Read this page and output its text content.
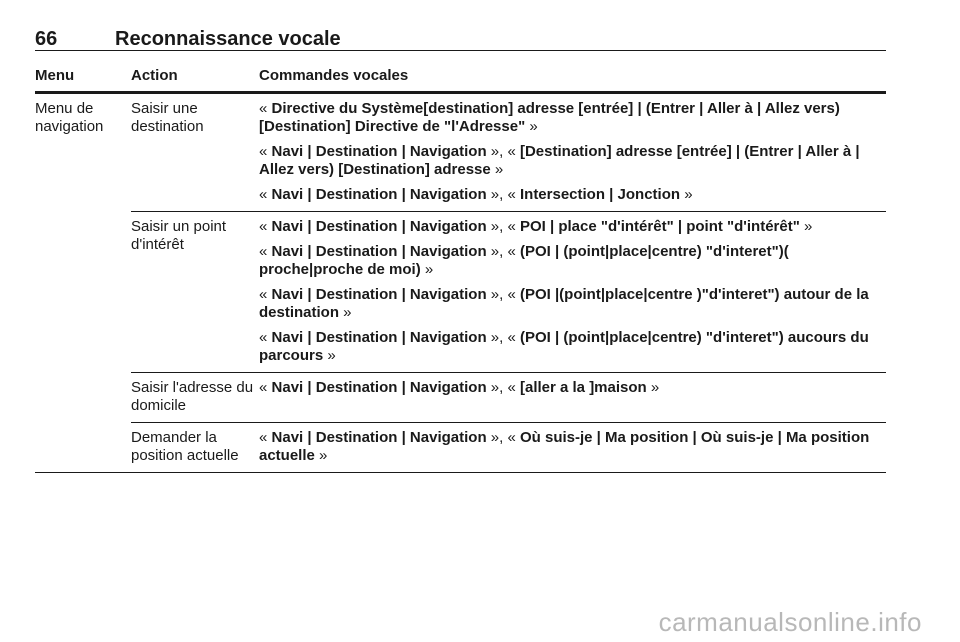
66	Reconnaissance vocale
Menu	Action	Commandes vocales
Menu de navigation	Saisir une destination	« Directive du Système[destination] adresse [entrée] | (Entrer | Aller à | Allez vers) [Destination] Directive de "l'Adresse" »
« Navi | Destination | Navigation », « [Destination] adresse [entrée] | (Entrer | Aller à | Allez vers) [Destination] adresse »
« Navi | Destination | Navigation », « Intersection | Jonction »

	Saisir un point d'intérêt	« Navi | Destination | Navigation », « POI | place "d'intérêt" | point "d'intérêt" »
« Navi | Destination | Navigation », « (POI | (point|place|centre) "d'interet")( proche|proche de moi) »
« Navi | Destination | Navigation », « (POI |(point|place|centre )"d'interet") autour de la destination »
« Navi | Destination | Navigation », « (POI | (point|place|centre) "d'interet") aucours du parcours »

	Saisir l'adresse du domicile	« Navi | Destination | Navigation », « [aller a la ]maison »

	Demander la position actuelle	« Navi | Destination | Navigation », « Où suis-je | Ma position | Où suis-je | Ma position actuelle »
carmanualsonline.info
